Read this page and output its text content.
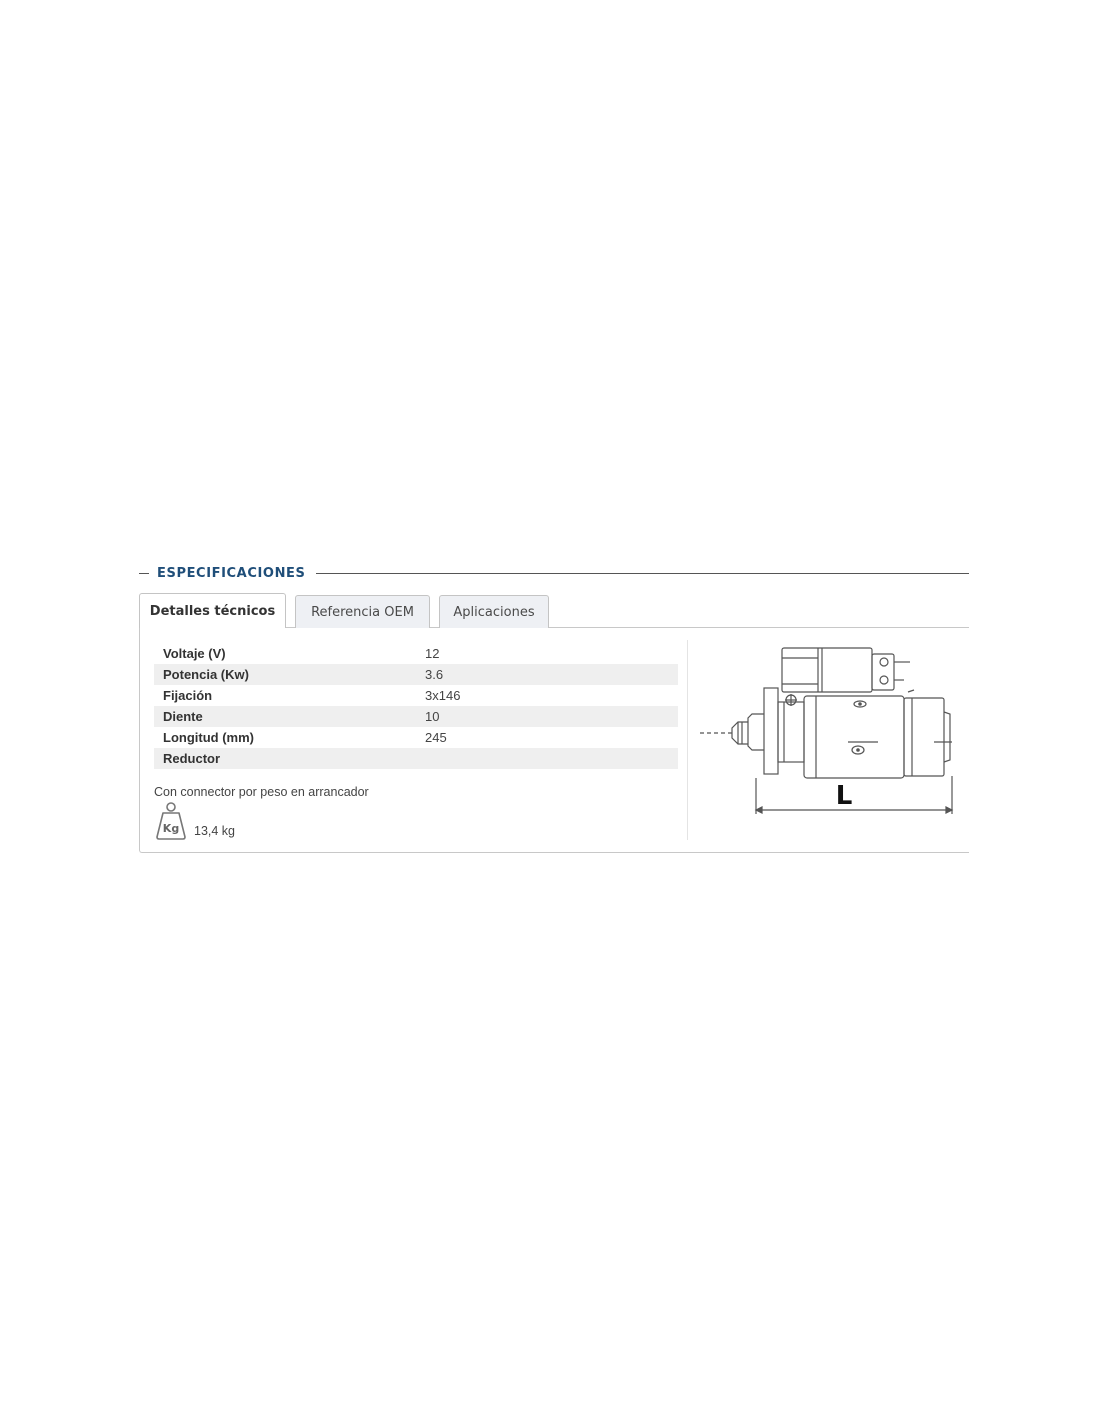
ESPECIFICACIONES
Detalles técnicos	Referencia OEM	Aplicaciones
Voltaje (V)	12
Potencia (Kw)	3.6
Fijación	3x146
Diente	10
Longitud (mm)	245
Reductor	
Con connector por peso en arrancador
Kg 13,4 kg
L
